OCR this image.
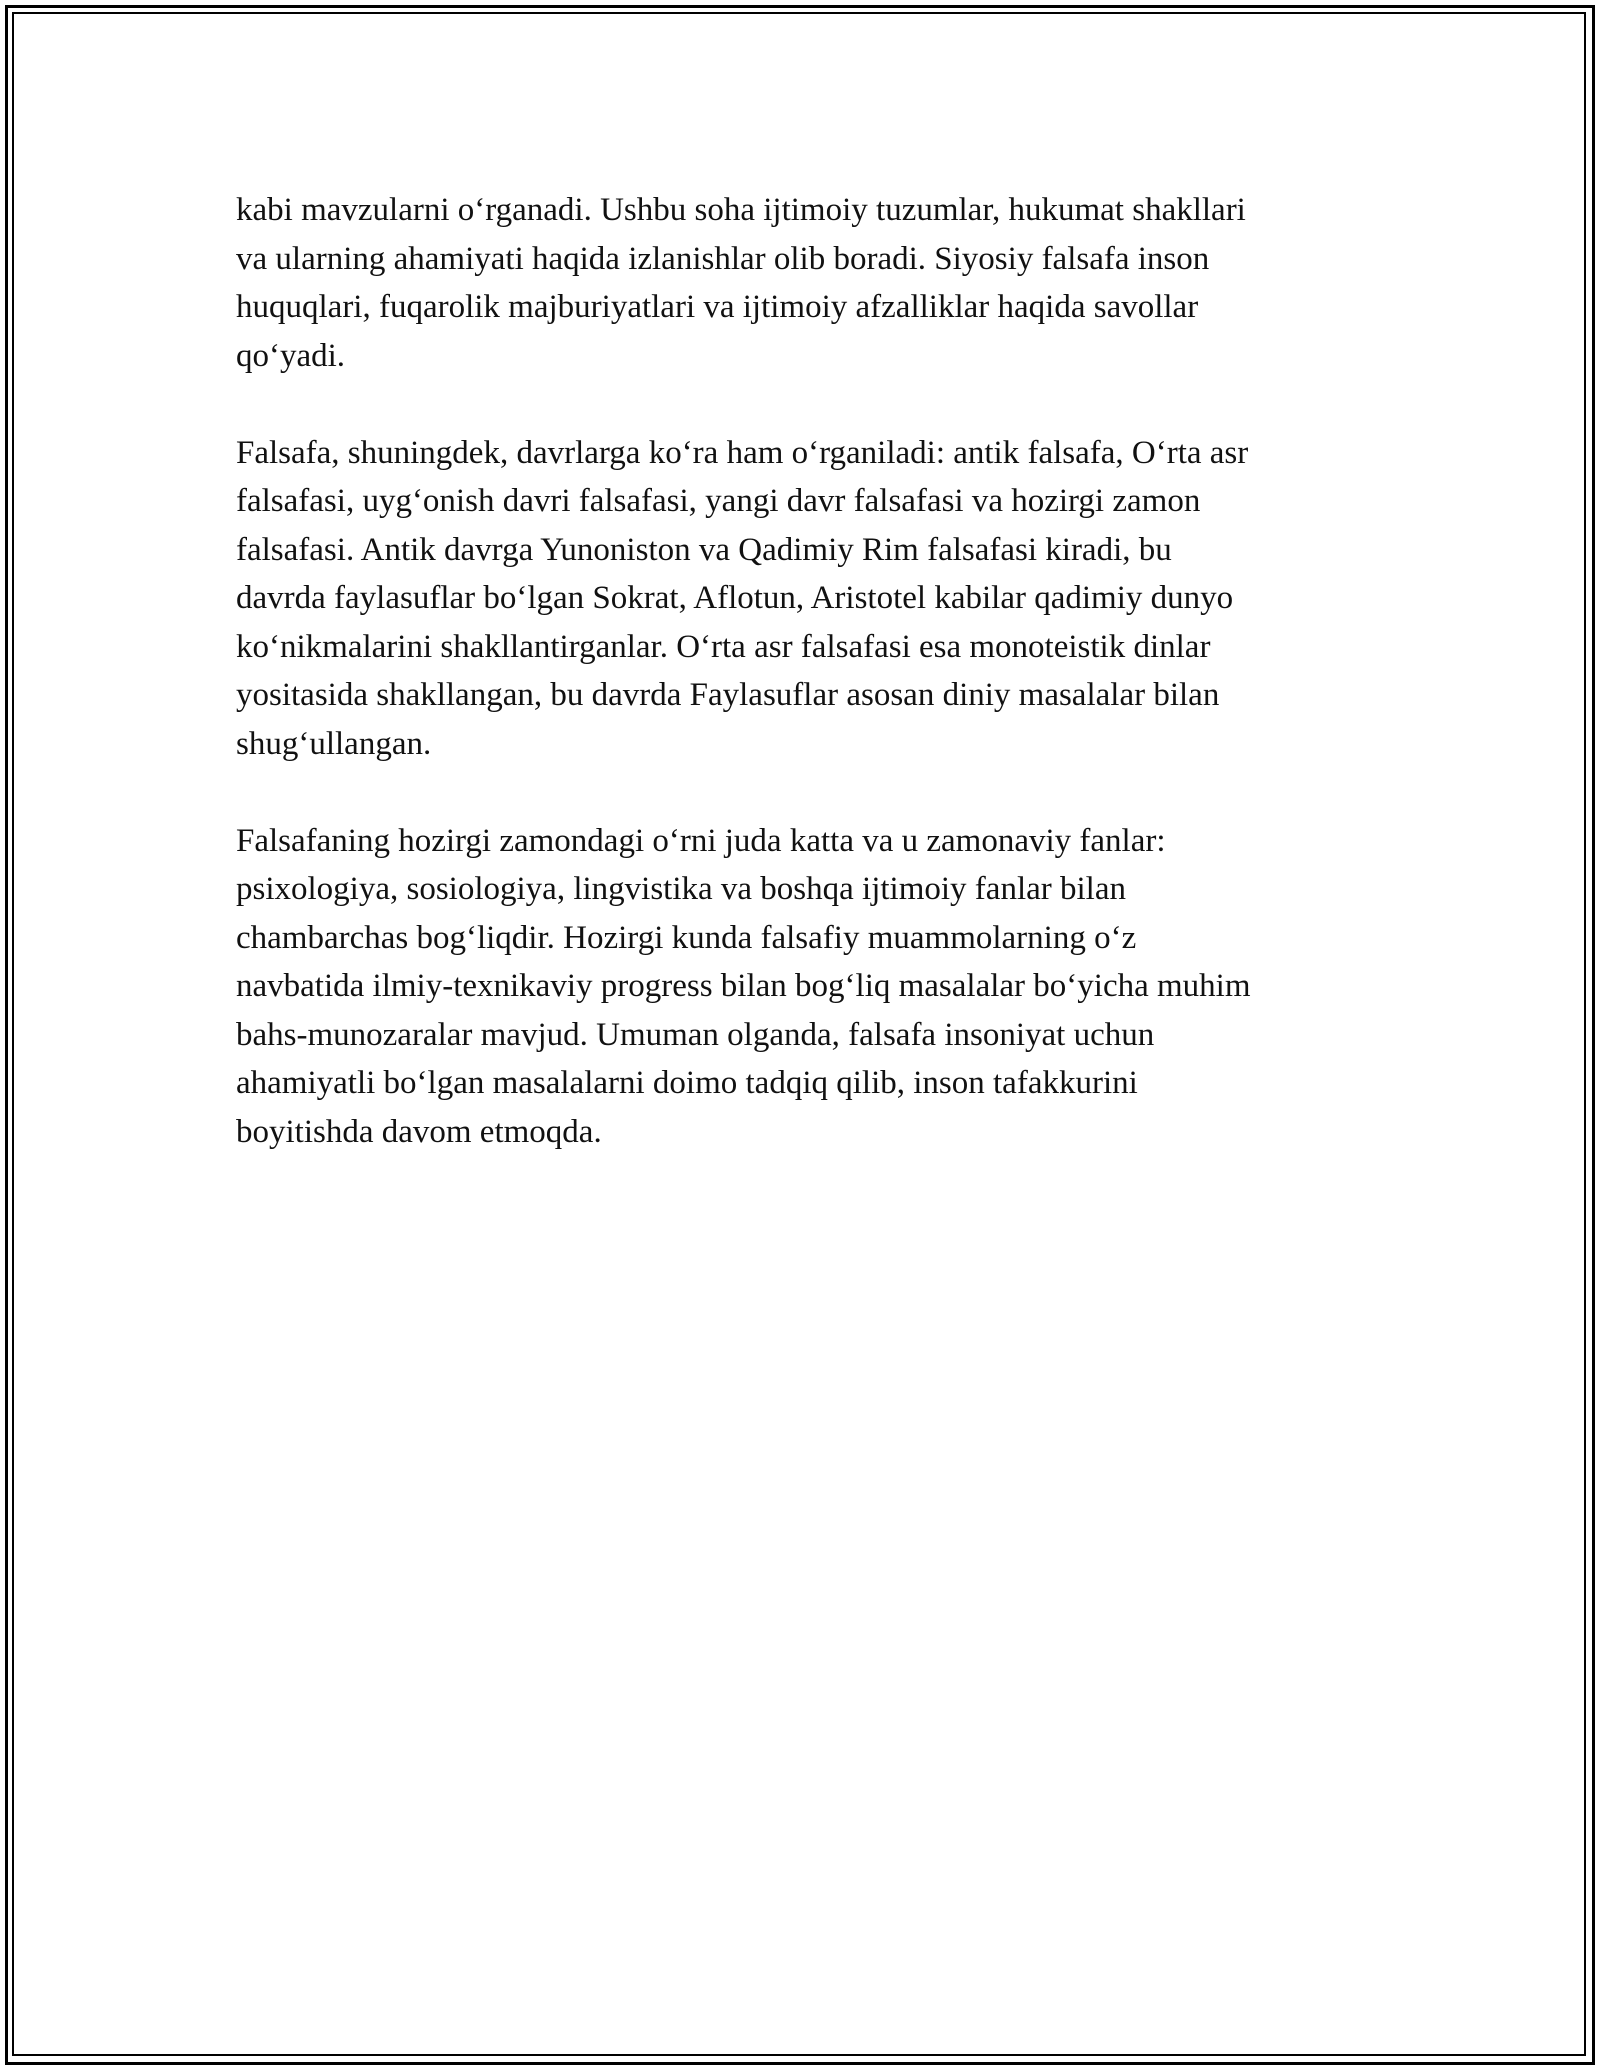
kabi mavzularni o‘rganadi. Ushbu soha ijtimoiy tuzumlar, hukumat shakllari
va ularning ahamiyati haqida izlanishlar olib boradi. Siyosiy falsafa inson
huquqlari, fuqarolik majburiyatlari va ijtimoiy afzalliklar haqida savollar
qo‘yadi.

Falsafa, shuningdek, davrlarga ko‘ra ham o‘rganiladi: antik falsafa, O‘rta asr
falsafasi, uyg‘onish davri falsafasi, yangi davr falsafasi va hozirgi zamon
falsafasi. Antik davrga Yunoniston va Qadimiy Rim falsafasi kiradi, bu
davrda faylasuflar bo‘lgan Sokrat, Aflotun, Aristotel kabilar qadimiy dunyo
ko‘nikmalarini shakllantirganlar. O‘rta asr falsafasi esa monoteistik dinlar
yositasida shakllangan, bu davrda Faylasuflar asosan diniy masalalar bilan
shug‘ullangan.

Falsafaning hozirgi zamondagi o‘rni juda katta va u zamonaviy fanlar:
psixologiya, sosiologiya, lingvistika va boshqa ijtimoiy fanlar bilan
chambarchas bog‘liqdir. Hozirgi kunda falsafiy muammolarning o‘z
navbatida ilmiy-texnikaviy progress bilan bog‘liq masalalar bo‘yicha muhim
bahs-munozaralar mavjud. Umuman olganda, falsafa insoniyat uchun
ahamiyatli bo‘lgan masalalarni doimo tadqiq qilib, inson tafakkurini
boyitishda davom etmoqda.
